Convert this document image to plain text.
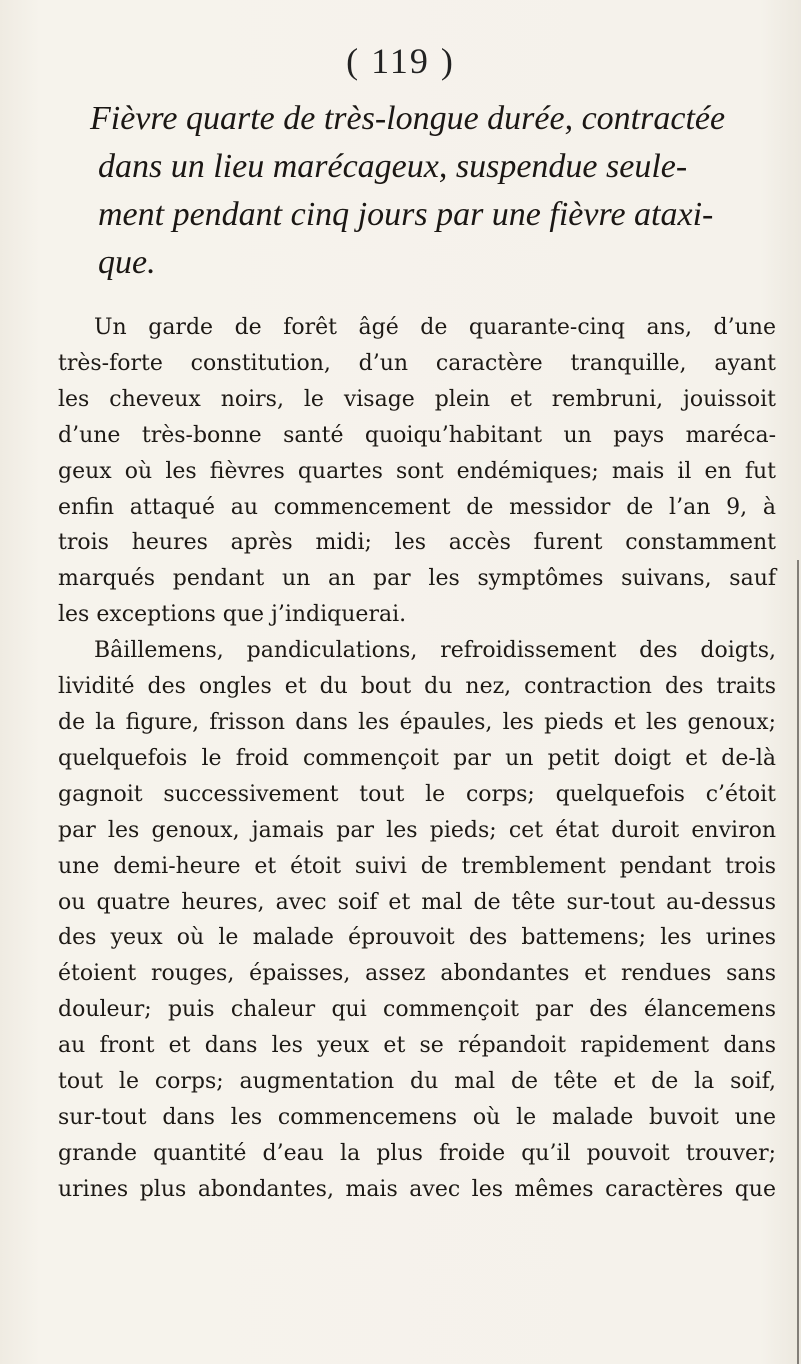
( 119 )
Fièvre quarte de très-longue durée, contractée
dans un lieu marécageux, suspendue seule-
ment pendant cinq jours par une fièvre ataxi-
que.
Un garde de forêt âgé de quarante-cinq ans, d’une
très-forte constitution, d’un caractère tranquille, ayant
les cheveux noirs, le visage plein et rembruni, jouissoit
d’une très-bonne santé quoiqu’habitant un pays maréca-
geux où les fièvres quartes sont endémiques; mais il en fut
enfin attaqué au commencement de messidor de l’an 9, à
trois heures après midi; les accès furent constamment
marqués pendant un an par les symptômes suivans, sauf
les exceptions que j’indiquerai.
Bâillemens, pandiculations, refroidissement des doigts,
lividité des ongles et du bout du nez, contraction des traits
de la figure, frisson dans les épaules, les pieds et les genoux;
quelquefois le froid commençoit par un petit doigt et de-là
gagnoit successivement tout le corps; quelquefois c’étoit
par les genoux, jamais par les pieds; cet état duroit environ
une demi-heure et étoit suivi de tremblement pendant trois
ou quatre heures, avec soif et mal de tête sur-tout au-dessus
des yeux où le malade éprouvoit des battemens; les urines
étoient rouges, épaisses, assez abondantes et rendues sans
douleur; puis chaleur qui commençoit par des élancemens
au front et dans les yeux et se répandoit rapidement dans
tout le corps; augmentation du mal de tête et de la soif,
sur-tout dans les commencemens où le malade buvoit une
grande quantité d’eau la plus froide qu’il pouvoit trouver;
urines plus abondantes, mais avec les mêmes caractères que
